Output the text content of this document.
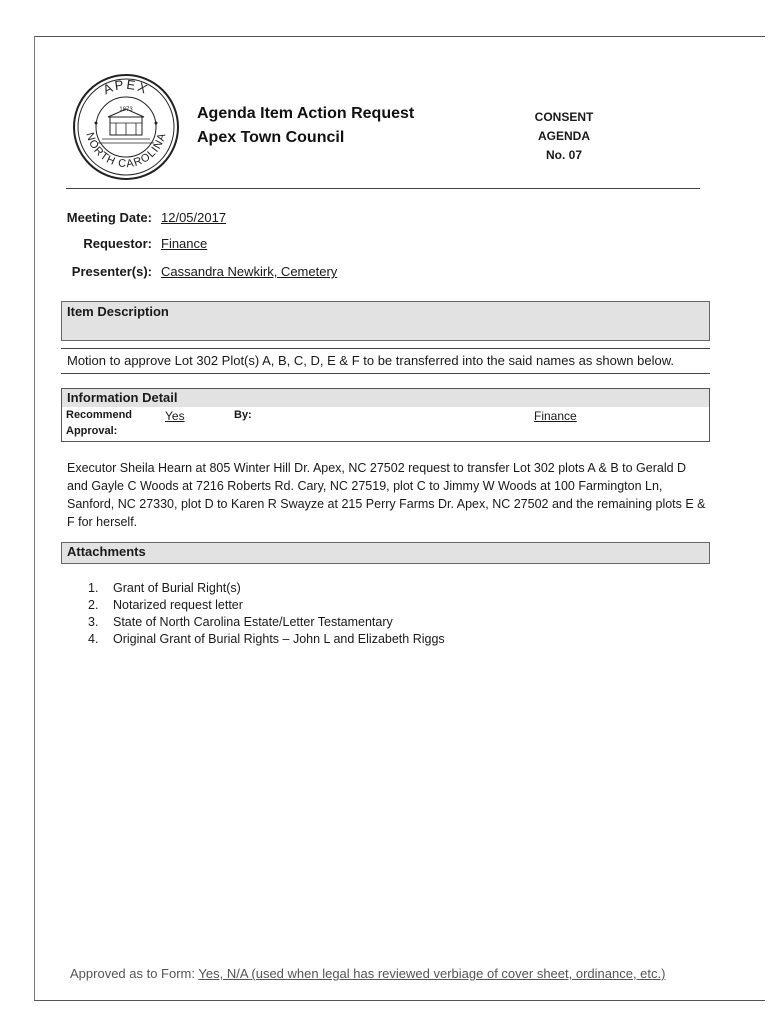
APEX
NORTH CAROLINA
1873	Agenda Item Action Request
Apex Town Council
CONSENT AGENDA
No. 07
Meeting Date: 12/05/2017
Requestor: Finance
Presenter(s): Cassandra Newkirk, Cemetery
Item Description
Motion to approve Lot 302 Plot(s) A, B, C, D, E & F to be transferred into the said names as shown below.
Information Detail
Recommend
Approval:
Yes	By:	Finance
Executor Sheila Hearn at 805 Winter Hill Dr. Apex, NC 27502 request to transfer Lot 302 plots A & B to Gerald D and Gayle C Woods at 7216 Roberts Rd. Cary, NC 27519, plot C to Jimmy W Woods at 100 Farmington Ln, Sanford, NC 27330, plot D to Karen R Swayze at 215 Perry Farms Dr. Apex, NC 27502 and the remaining plots E & F for herself.
Attachments
1. Grant of Burial Right(s)
2. Notarized request letter
3. State of North Carolina Estate/Letter Testamentary
4. Original Grant of Burial Rights – John L and Elizabeth Riggs
Approved as to Form: Yes, N/A (used when legal has reviewed verbiage of cover sheet, ordinance, etc.)
